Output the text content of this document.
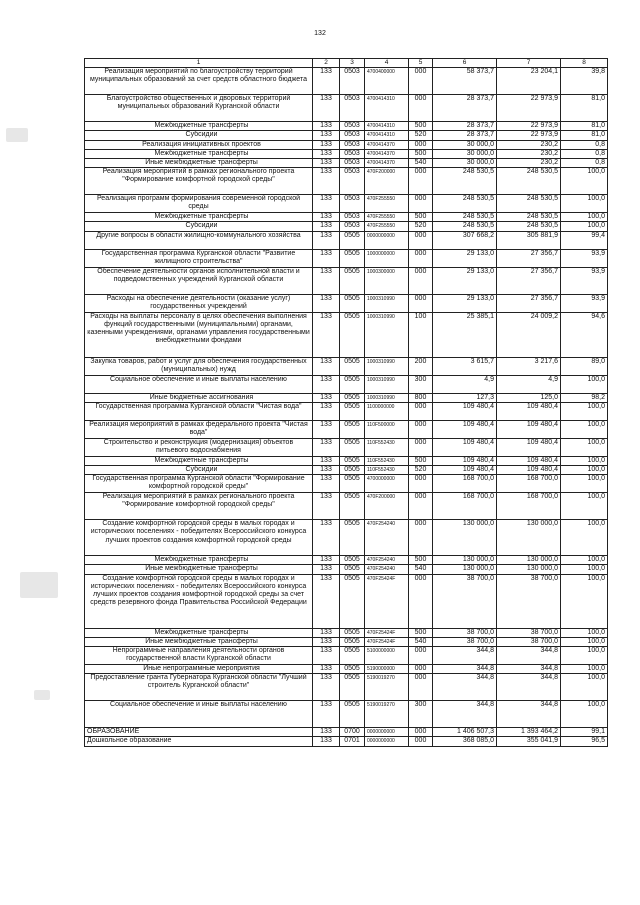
132
1	2	3	4	5	6	7	8
Реализация мероприятий по благоустройству территорий муниципальных образований за счет средств областного бюджета	133	0503	4700400000	000	58 373,7	23 204,1	39,8
Благоустройство общественных и дворовых территорий муниципальных образований Курганской области	133	0503	4700414310	000	28 373,7	22 973,9	81,0
Межбюджетные трансферты	133	0503	4700414310	500	28 373,7	22 973,9	81,0
Субсидии	133	0503	4700414310	520	28 373,7	22 973,9	81,0
Реализация инициативных проектов	133	0503	4700414370	000	30 000,0	230,2	0,8
Межбюджетные трансферты	133	0503	4700414370	500	30 000,0	230,2	0,8
Иные межбюджетные трансферты	133	0503	4700414370	540	30 000,0	230,2	0,8
Реализация мероприятий в рамках регионального проекта "Формирование комфортной городской среды"	133	0503	470F200000	000	248 530,5	248 530,5	100,0
Реализация программ формирования современной городской среды	133	0503	470F255550	000	248 530,5	248 530,5	100,0
Межбюджетные трансферты	133	0503	470F255550	500	248 530,5	248 530,5	100,0
Субсидии	133	0503	470F255550	520	248 530,5	248 530,5	100,0
Другие вопросы в области жилищно-коммунального хозяйства	133	0505	0000000000	000	307 668,2	305 881,9	99,4
Государственная программа Курганской области "Развитие жилищного строительства"	133	0505	1000000000	000	29 133,0	27 356,7	93,9
Обеспечение деятельности органов исполнительной власти и подведомственных учреждений Курганской области	133	0505	1000300000	000	29 133,0	27 356,7	93,9
Расходы на обеспечение деятельности (оказание услуг) государственных учреждений	133	0505	1000310990	000	29 133,0	27 356,7	93,9
Расходы на выплаты персоналу в целях обеспечения выполнения функций государственными (муниципальными) органами, казенными учреждениями, органами управления государственными внебюджетными фондами	133	0505	1000310990	100	25 385,1	24 009,2	94,6
Закупка товаров, работ и услуг для обеспечения государственных (муниципальных) нужд	133	0505	1000310990	200	3 615,7	3 217,6	89,0
Социальное обеспечение и иные выплаты населению	133	0505	1000310990	300	4,9	4,9	100,0
Иные бюджетные ассигнования	133	0505	1000310990	800	127,3	125,0	98,2
Государственная программа Курганской области "Чистая вода"	133	0505	1100000000	000	109 480,4	109 480,4	100,0
Реализация мероприятий в рамках федерального проекта "Чистая вода"	133	0505	110F500000	000	109 480,4	109 480,4	100,0
Строительство и реконструкция (модернизация) объектов питьевого водоснабжения	133	0505	110F552430	000	109 480,4	109 480,4	100,0
Межбюджетные трансферты	133	0505	110F552430	500	109 480,4	109 480,4	100,0
Субсидии	133	0505	110F552430	520	109 480,4	109 480,4	100,0
Государственная программа Курганской области "Формирование комфортной городской среды"	133	0505	4700000000	000	168 700,0	168 700,0	100,0
Реализация мероприятий в рамках регионального проекта "Формирование комфортной городской среды"	133	0505	470F200000	000	168 700,0	168 700,0	100,0
Создание комфортной городской среды в малых городах и исторических поселениях - победителях Всероссийского конкурса лучших проектов создания комфортной городской среды	133	0505	470F254240	000	130 000,0	130 000,0	100,0
Межбюджетные трансферты	133	0505	470F254240	500	130 000,0	130 000,0	100,0
Иные межбюджетные трансферты	133	0505	470F254240	540	130 000,0	130 000,0	100,0
Создание комфортной городской среды в малых городах и исторических поселениях - победителях Всероссийского конкурса лучших проектов создания комфортной городской среды за счет средств резервного фонда Правительства Российской Федерации	133	0505	470F25424F	000	38 700,0	38 700,0	100,0
Межбюджетные трансферты	133	0505	470F25424F	500	38 700,0	38 700,0	100,0
Иные межбюджетные трансферты	133	0505	470F25424F	540	38 700,0	38 700,0	100,0
Непрограммные направления деятельности органов государственной власти Курганской области	133	0505	5100000000	000	344,8	344,8	100,0
Иные непрограммные мероприятия	133	0505	5190000000	000	344,8	344,8	100,0
Предоставление гранта Губернатора Курганской области "Лучший строитель Курганской области"	133	0505	5190019270	000	344,8	344,8	100,0
Социальное обеспечение и иные выплаты населению	133	0505	5190019270	300	344,8	344,8	100,0
ОБРАЗОВАНИЕ	133	0700	0000000000	000	1 406 507,3	1 393 464,2	99,1
Дошкольное образование	133	0701	0000000000	000	368 085,0	355 041,9	96,5
